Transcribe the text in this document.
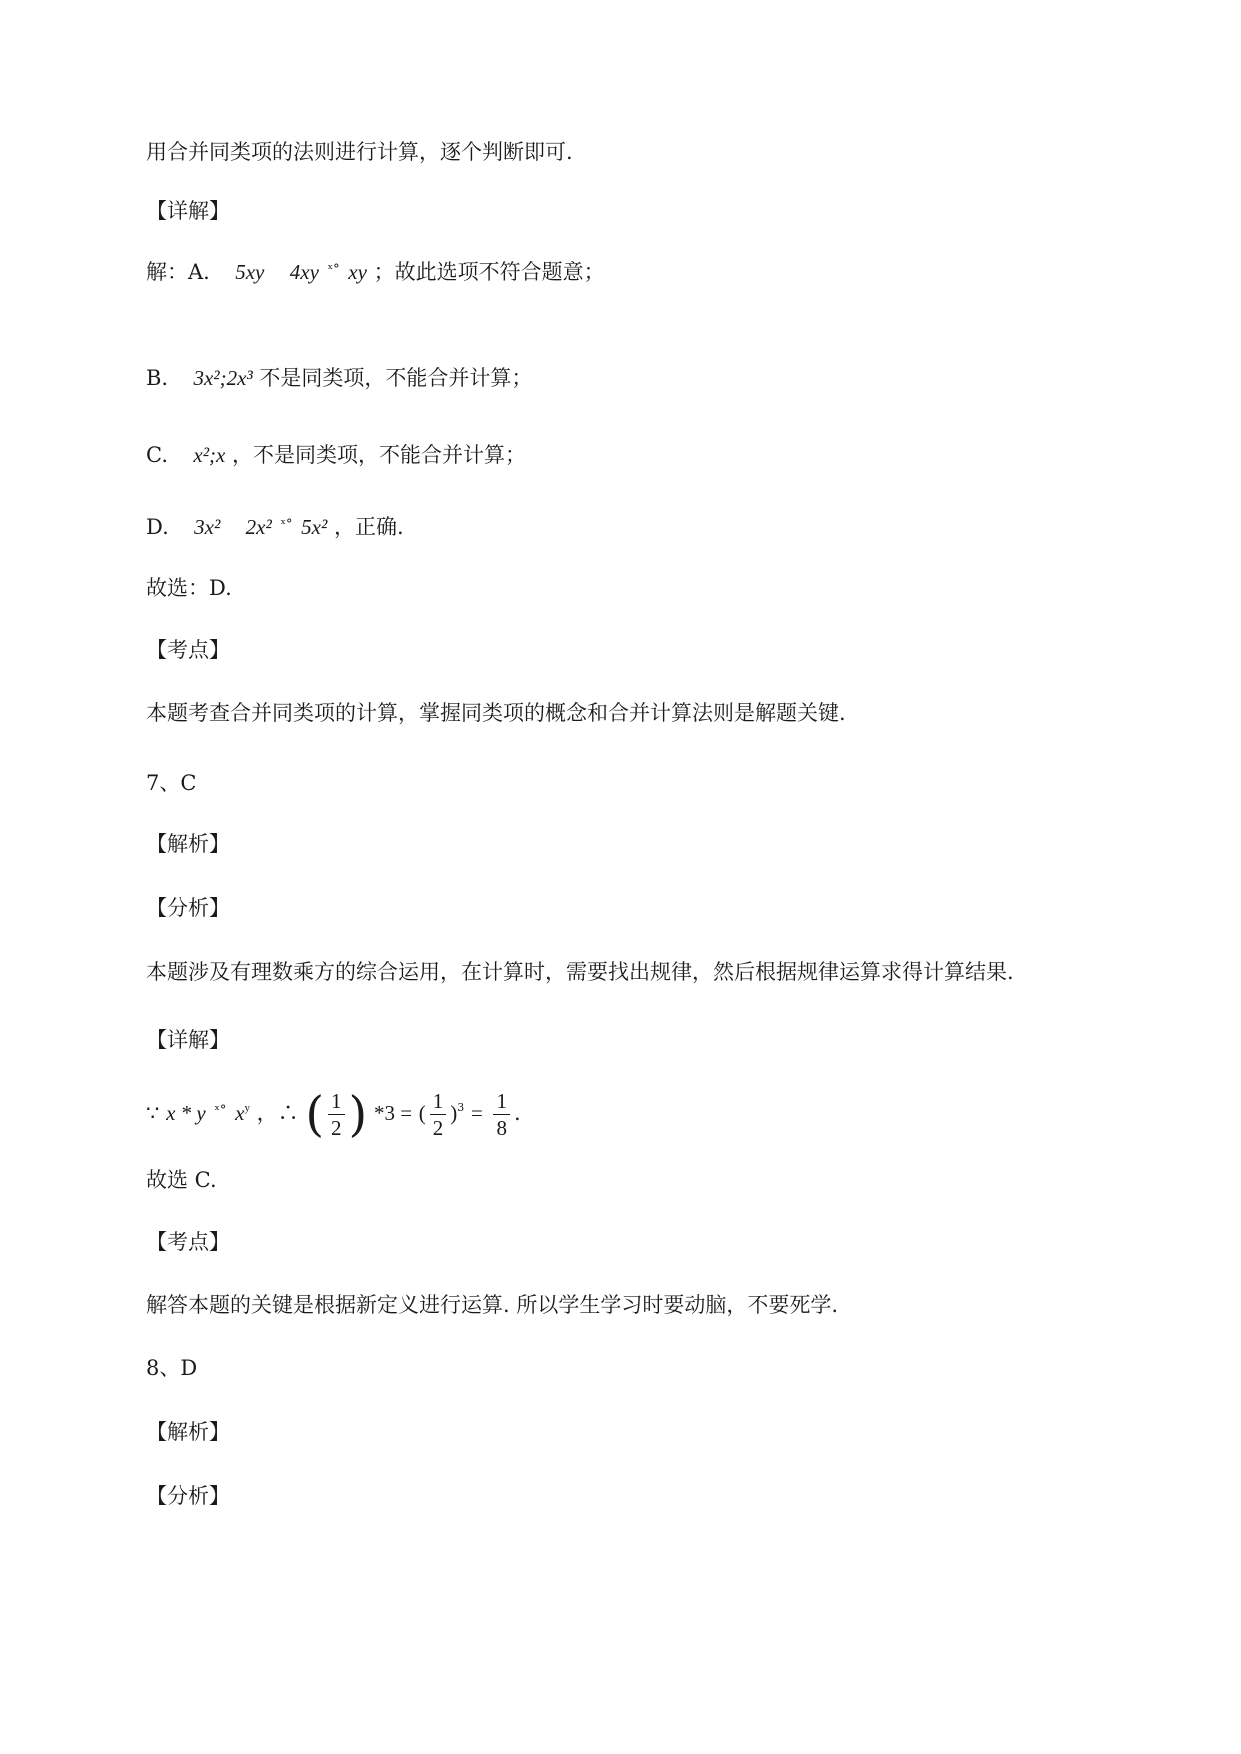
用合并同类项的法则进行计算，逐个判断即可.
【详解】
解：A. 5xy 4xy $^{ˣ^\circ}$ xy ；故此选项不符合题意；
B. 3x²;2x³ 不是同类项，不能合并计算；
C. x²;x ，不是同类项，不能合并计算；
D. 3x² 2x² $^{ˣ^\circ}$ 5x² ，正确.
故选：D.
【考点】
本题考查合并同类项的计算，掌握同类项的概念和合并计算法则是解题关键.
7、C
【解析】
【分析】
本题涉及有理数乘方的综合运用，在计算时，需要找出规律，然后根据规律运算求得计算结果.
【详解】
∵ x * y $^{ˣ^\circ}$ $x^y$ ，∴ ( $\frac{1}{2}$ ) *3 = ( $\frac{1}{2} )^3 = \frac{1}{8}$ .
故选 C.
【考点】
解答本题的关键是根据新定义进行运算. 所以学生学习时要动脑，不要死学.
8、D
【解析】
【分析】
